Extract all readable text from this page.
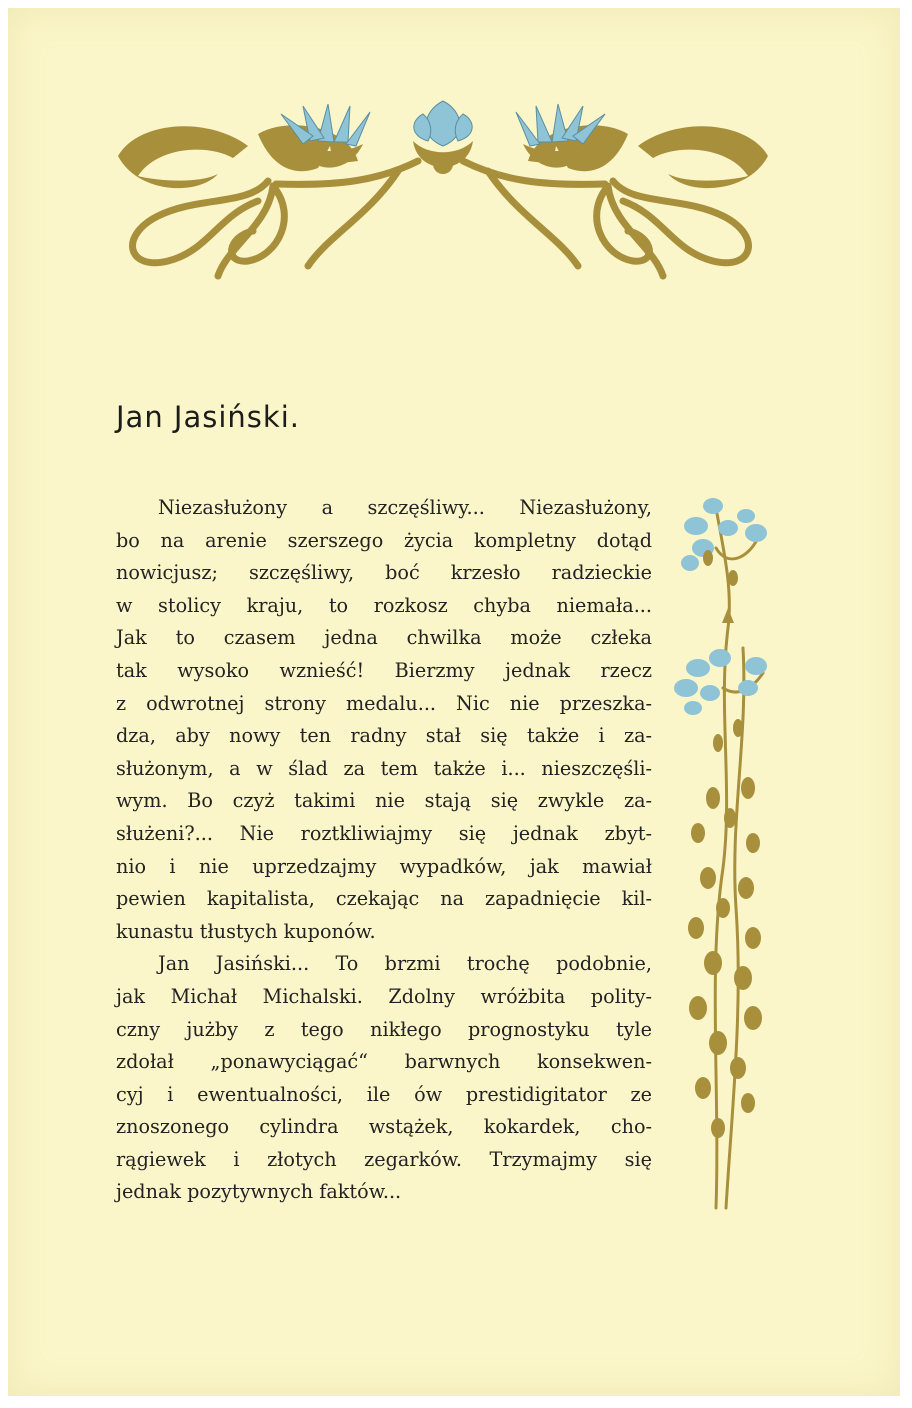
Jan Jasiński.
Niezasłużony a szczęśliwy... Niezasłużony,
bo na arenie szerszego życia kompletny dotąd
nowicjusz; szczęśliwy, boć krzesło radzieckie
w stolicy kraju, to rozkosz chyba niemała...
Jak to czasem jedna chwilka może człeka
tak wysoko wznieść! Bierzmy jednak rzecz
z odwrotnej strony medalu... Nic nie przeszka-
dza, aby nowy ten radny stał się także i za-
służonym, a w ślad za tem także i... nieszczęśli-
wym. Bo czyż takimi nie stają się zwykle za-
służeni?... Nie roztkliwiajmy się jednak zbyt-
nio i nie uprzedzajmy wypadków, jak mawiał
pewien kapitalista, czekając na zapadnięcie kil-
kunastu tłustych kuponów.
Jan Jasiński... To brzmi trochę podobnie,
jak Michał Michalski. Zdolny wróżbita polity-
czny jużby z tego nikłego prognostyku tyle
zdołał „ponawyciągać“ barwnych konsekwen-
cyj i ewentualności, ile ów prestidigitator ze
znoszonego cylindra wstążek, kokardek, cho-
rągiewek i złotych zegarków. Trzymajmy się
jednak pozytywnych faktów...
